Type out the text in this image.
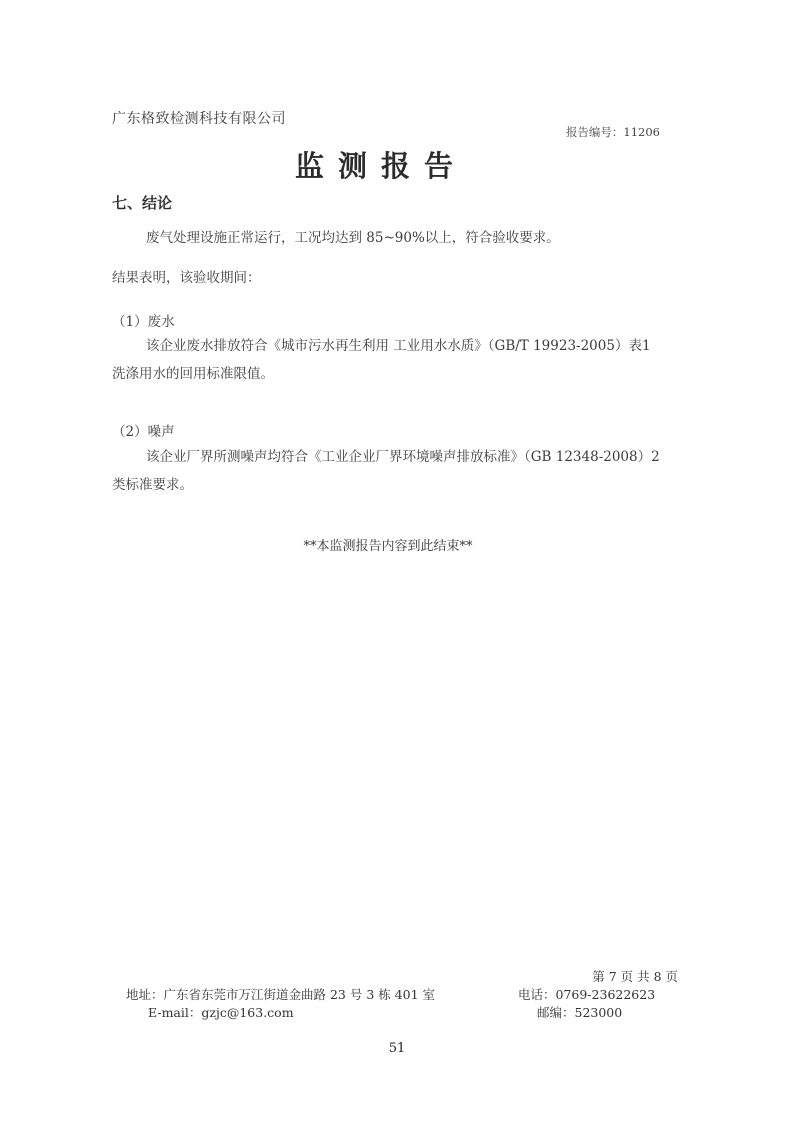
广东格致检测科技有限公司
报告编号：11206
监测报告
七、结论
废气处理设施正常运行，工况均达到 85~90%以上，符合验收要求。
结果表明，该验收期间：
（1）废水
该企业废水排放符合《城市污水再生利用 工业用水水质》（GB/T 19923-2005）表1
洗涤用水的回用标准限值。
（2）噪声
该企业厂界所测噪声均符合《工业企业厂界环境噪声排放标准》（GB 12348-2008）2
类标准要求。
**本监测报告内容到此结束**
第 7 页 共 8 页
地址：广东省东莞市万江街道金曲路 23 号 3 栋 401 室
E-mail：gzjc@163.com
电话：0769-23622623
邮编：523000
51
